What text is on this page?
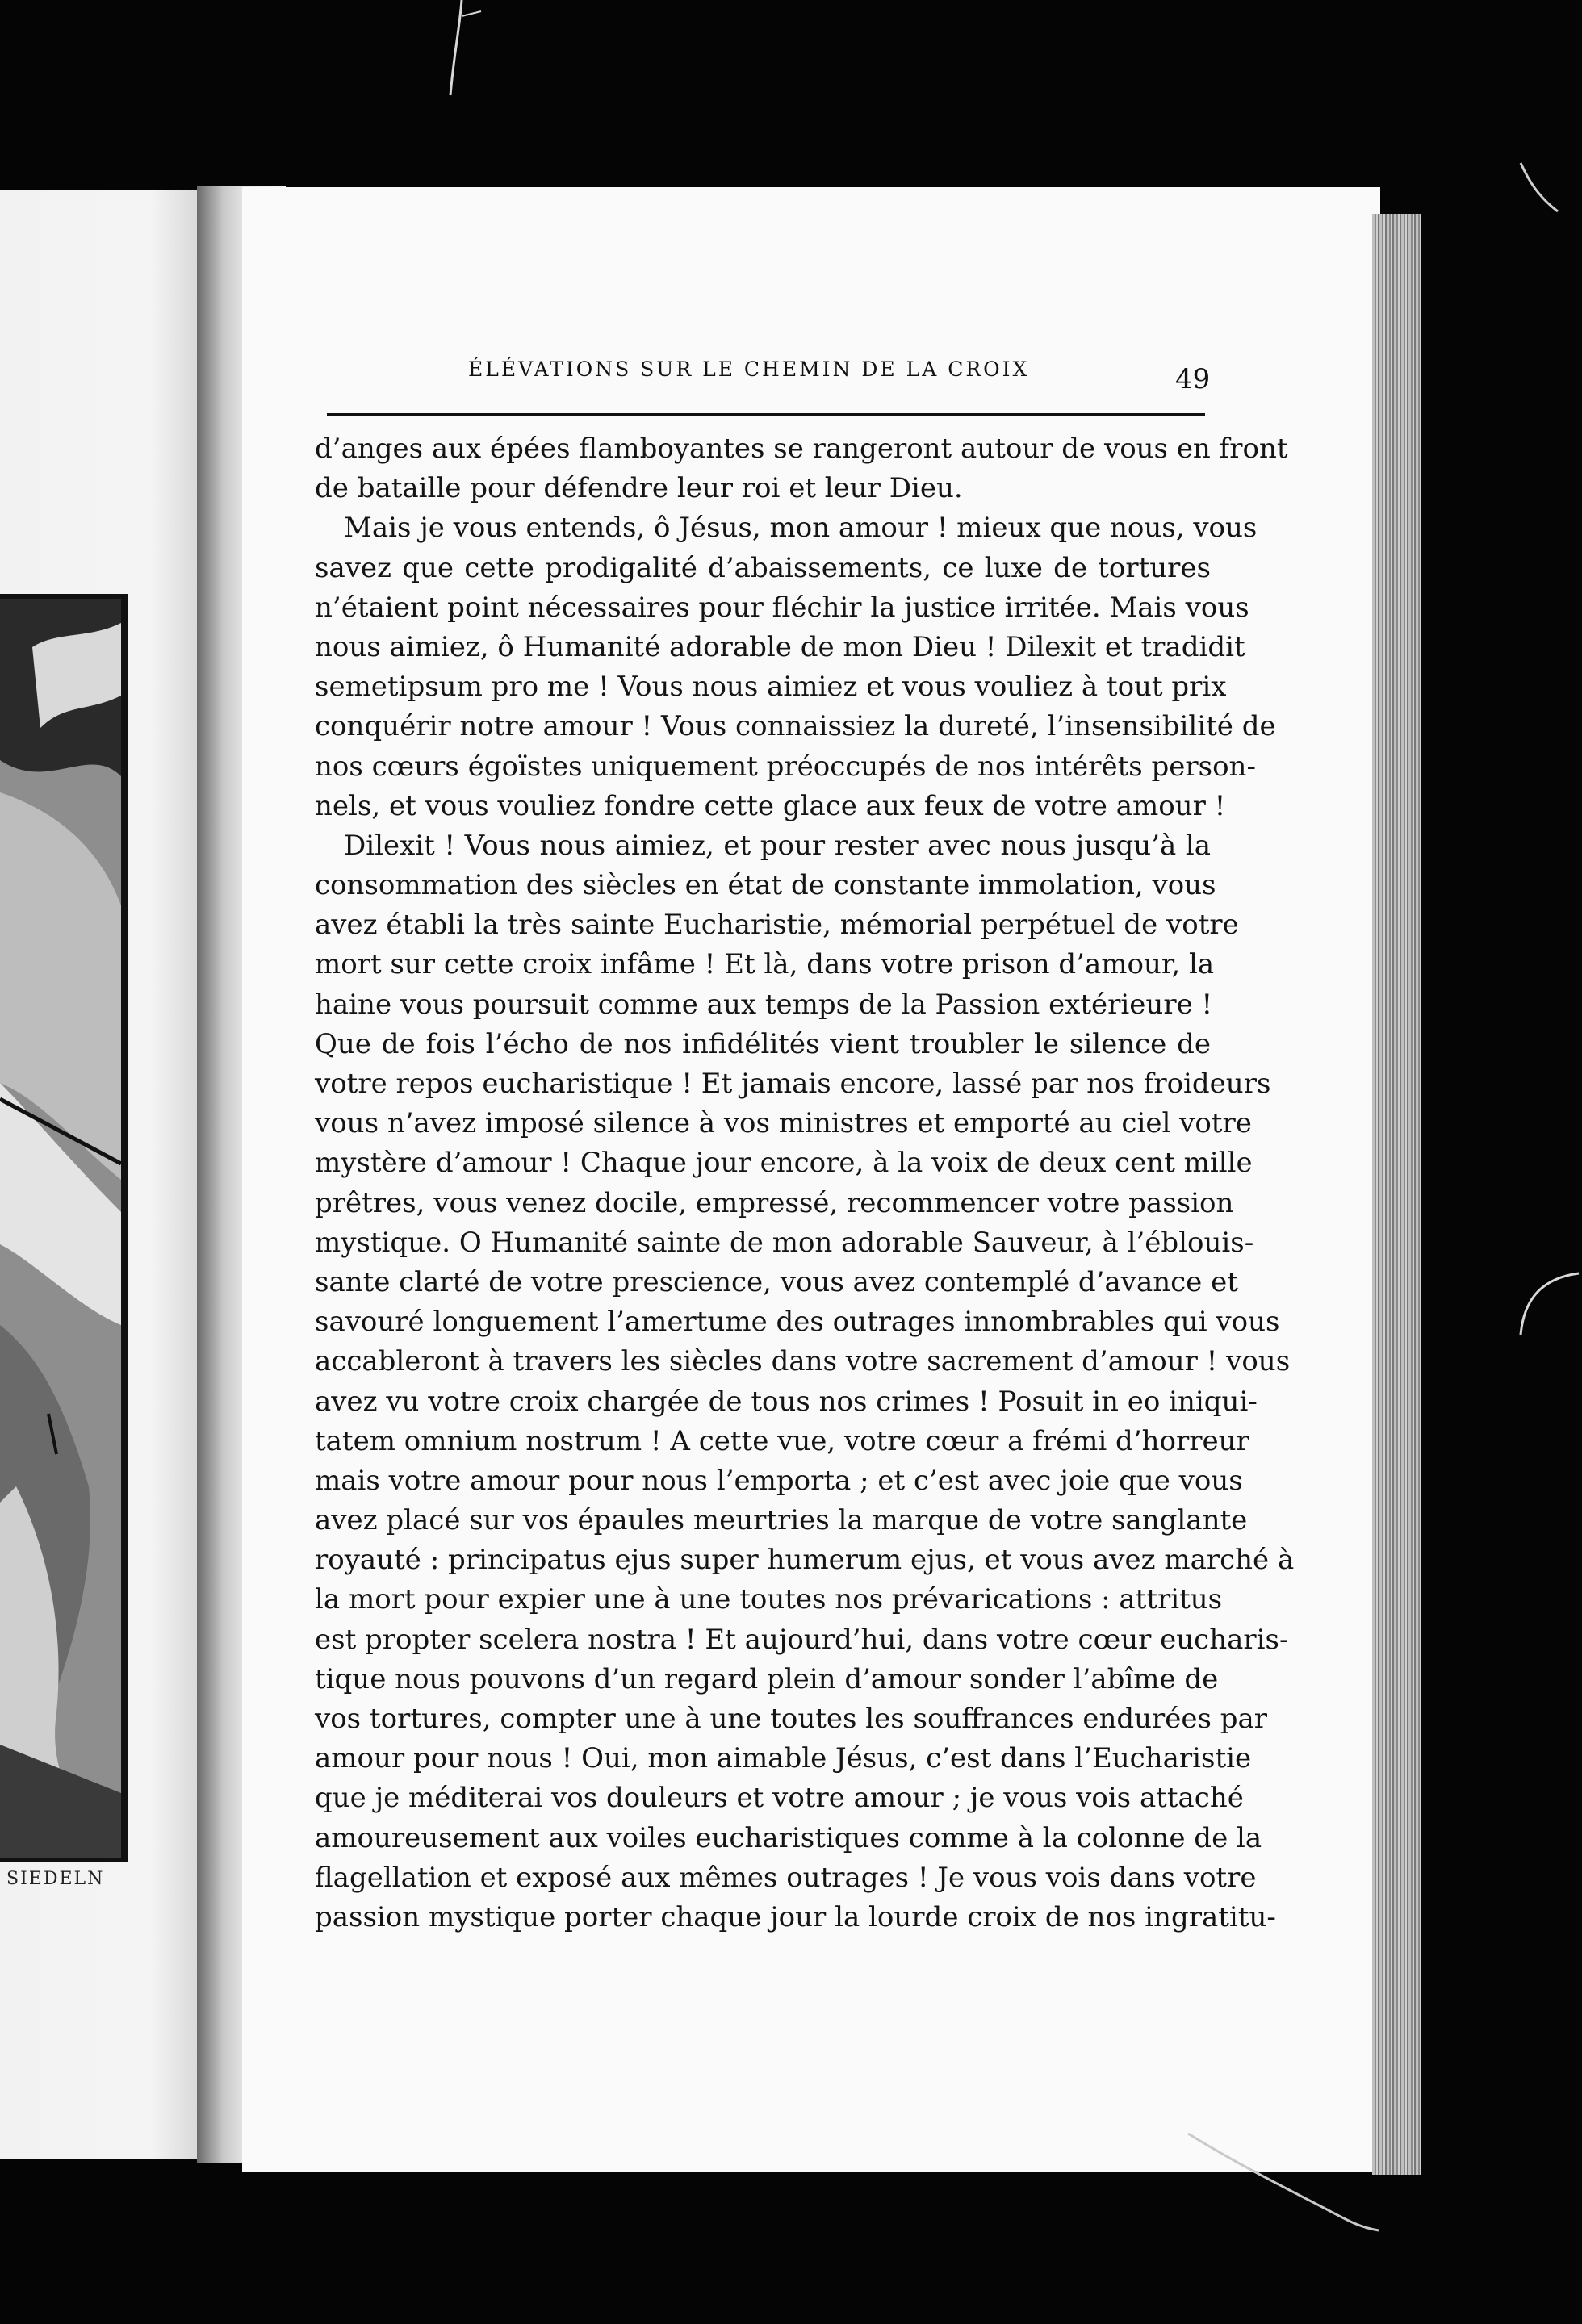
SIEDELN
ÉLÉVATIONS SUR LE CHEMIN DE LA CROIX	49
d’anges aux épées flamboyantes se rangeront autour de vous en front
de bataille pour défendre leur roi et leur Dieu.
Mais je vous entends, ô Jésus, mon amour ! mieux que nous, vous
savez que cette prodigalité d’abaissements, ce luxe de tortures
n’étaient point nécessaires pour fléchir la justice irritée. Mais vous
nous aimiez, ô Humanité adorable de mon Dieu ! Dilexit et tradidit
semetipsum pro me ! Vous nous aimiez et vous vouliez à tout prix
conquérir notre amour ! Vous connaissiez la dureté, l’insensibilité de
nos cœurs égoïstes uniquement préoccupés de nos intérêts person-
nels, et vous vouliez fondre cette glace aux feux de votre amour !
Dilexit ! Vous nous aimiez, et pour rester avec nous jusqu’à la
consommation des siècles en état de constante immolation, vous
avez établi la très sainte Eucharistie, mémorial perpétuel de votre
mort sur cette croix infâme ! Et là, dans votre prison d’amour, la
haine vous poursuit comme aux temps de la Passion extérieure !
Que de fois l’écho de nos infidélités vient troubler le silence de
votre repos eucharistique ! Et jamais encore, lassé par nos froideurs
vous n’avez imposé silence à vos ministres et emporté au ciel votre
mystère d’amour ! Chaque jour encore, à la voix de deux cent mille
prêtres, vous venez docile, empressé, recommencer votre passion
mystique. O Humanité sainte de mon adorable Sauveur, à l’éblouis-
sante clarté de votre prescience, vous avez contemplé d’avance et
savouré longuement l’amertume des outrages innombrables qui vous
accableront à travers les siècles dans votre sacrement d’amour ! vous
avez vu votre croix chargée de tous nos crimes ! Posuit in eo iniqui-
tatem omnium nostrum ! A cette vue, votre cœur a frémi d’horreur
mais votre amour pour nous l’emporta ; et c’est avec joie que vous
avez placé sur vos épaules meurtries la marque de votre sanglante
royauté : principatus ejus super humerum ejus, et vous avez marché à
la mort pour expier une à une toutes nos prévarications : attritus
est propter scelera nostra ! Et aujourd’hui, dans votre cœur eucharis-
tique nous pouvons d’un regard plein d’amour sonder l’abîme de
vos tortures, compter une à une toutes les souffrances endurées par
amour pour nous ! Oui, mon aimable Jésus, c’est dans l’Eucharistie
que je méditerai vos douleurs et votre amour ; je vous vois attaché
amoureusement aux voiles eucharistiques comme à la colonne de la
flagellation et exposé aux mêmes outrages ! Je vous vois dans votre
passion mystique porter chaque jour la lourde croix de nos ingratitu-
